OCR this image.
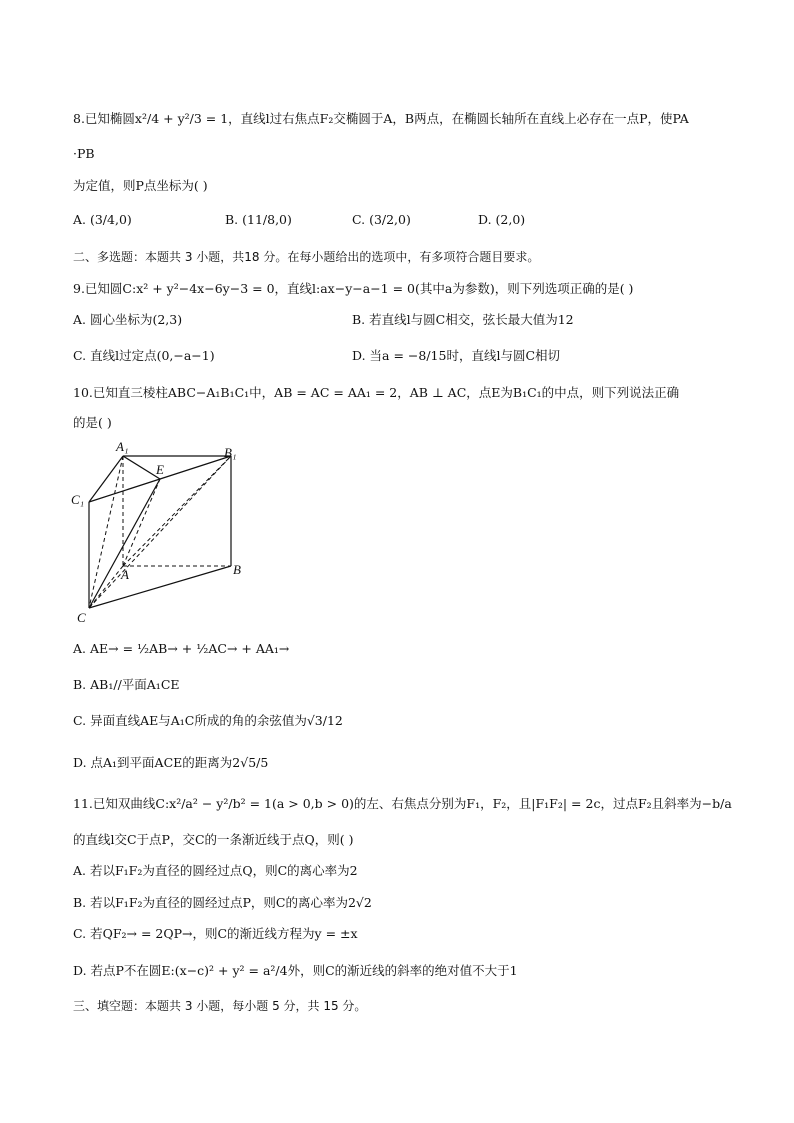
8.已知椭圆x²/4 + y²/3 = 1，直线l过右焦点F₂交椭圆于A，B两点，在椭圆长轴所在直线上必存在一点P，使PA
·PB
为定值，则P点坐标为( )
A. (3/4,0)	B. (11/8,0)	C. (3/2,0)	D. (2,0)
二、多选题：本题共 3 小题，共18 分。在每小题给出的选项中，有多项符合题目要求。
9.已知圆C:x² + y²−4x−6y−3 = 0，直线l:ax−y−a−1 = 0(其中a为参数)，则下列选项正确的是( )
A. 圆心坐标为(2,3)	B. 若直线l与圆C相交，弦长最大值为12
C. 直线l过定点(0,−a−1)	D. 当a = −8/15时，直线l与圆C相切
10.已知直三棱柱ABC−A₁B₁C₁中，AB = AC = AA₁ = 2，AB ⊥ AC，点E为B₁C₁的中点，则下列说法正确
的是( )
A₁	B₁
C₁
E
A	B
C
A. AE→ = ½AB→ + ½AC→ + AA₁→
B. AB₁//平面A₁CE
C. 异面直线AE与A₁C所成的角的余弦值为√3/12
D. 点A₁到平面ACE的距离为2√5/5
11.已知双曲线C:x²/a² − y²/b² = 1(a > 0,b > 0)的左、右焦点分别为F₁，F₂，且|F₁F₂| = 2c，过点F₂且斜率为−b/a
的直线l交C于点P，交C的一条渐近线于点Q，则( )
A. 若以F₁F₂为直径的圆经过点Q，则C的离心率为2
B. 若以F₁F₂为直径的圆经过点P，则C的离心率为2√2
C. 若QF₂→ = 2QP→，则C的渐近线方程为y = ±x
D. 若点P不在圆E:(x−c)² + y² = a²/4外，则C的渐近线的斜率的绝对值不大于1
三、填空题：本题共 3 小题，每小题 5 分，共 15 分。
